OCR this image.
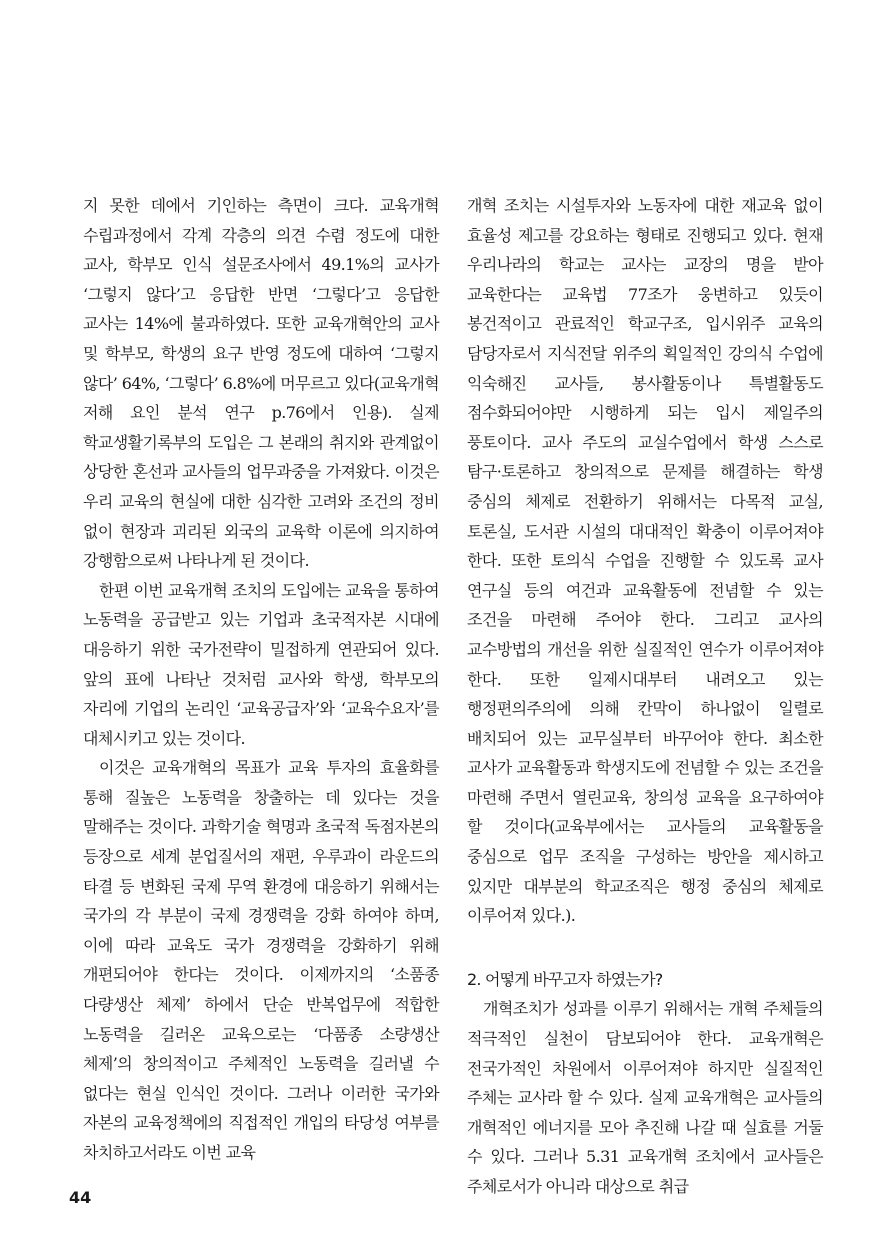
지 못한 데에서 기인하는 측면이 크다. 교육개혁 수립과정에서 각계 각층의 의견 수렴 정도에 대한 교사, 학부모 인식 설문조사에서 49.1%의 교사가 ‘그렇지 않다’고 응답한 반면 ‘그렇다’고 응답한 교사는 14%에 불과하였다. 또한 교육개혁안의 교사 및 학부모, 학생의 요구 반영 정도에 대하여 ‘그렇지 않다’ 64%, ‘그렇다’ 6.8%에 머무르고 있다(교육개혁 저해 요인 분석 연구 p.76에서 인용). 실제 학교생활기록부의 도입은 그 본래의 취지와 관계없이 상당한 혼선과 교사들의 업무과중을 가져왔다. 이것은 우리 교육의 현실에 대한 심각한 고려와 조건의 정비 없이 현장과 괴리된 외국의 교육학 이론에 의지하여 강행함으로써 나타나게 된 것이다.

한편 이번 교육개혁 조치의 도입에는 교육을 통하여 노동력을 공급받고 있는 기업과 초국적자본 시대에 대응하기 위한 국가전략이 밀접하게 연관되어 있다. 앞의 표에 나타난 것처럼 교사와 학생, 학부모의 자리에 기업의 논리인 ‘교육공급자’와 ‘교육수요자’를 대체시키고 있는 것이다.

이것은 교육개혁의 목표가 교육 투자의 효율화를 통해 질높은 노동력을 창출하는 데 있다는 것을 말해주는 것이다. 과학기술 혁명과 초국적 독점자본의 등장으로 세계 분업질서의 재편, 우루과이 라운드의 타결 등 변화된 국제 무역 환경에 대응하기 위해서는 국가의 각 부분이 국제 경쟁력을 강화 하여야 하며, 이에 따라 교육도 국가 경쟁력을 강화하기 위해 개편되어야 한다는 것이다. 이제까지의 ‘소품종 다량생산 체제’ 하에서 단순 반복업무에 적합한 노동력을 길러온 교육으로는 ‘다품종 소량생산 체제’의 창의적이고 주체적인 노동력을 길러낼 수 없다는 현실 인식인 것이다. 그러나 이러한 국가와 자본의 교육정책에의 직접적인 개입의 타당성 여부를 차치하고서라도 이번 교육

개혁 조치는 시설투자와 노동자에 대한 재교육 없이 효율성 제고를 강요하는 형태로 진행되고 있다. 현재 우리나라의 학교는 교사는 교장의 명을 받아 교육한다는 교육법 77조가 웅변하고 있듯이 봉건적이고 관료적인 학교구조, 입시위주 교육의 담당자로서 지식전달 위주의 획일적인 강의식 수업에 익숙해진 교사들, 봉사활동이나 특별활동도 점수화되어야만 시행하게 되는 입시 제일주의 풍토이다. 교사 주도의 교실수업에서 학생 스스로 탐구·토론하고 창의적으로 문제를 해결하는 학생 중심의 체제로 전환하기 위해서는 다목적 교실, 토론실, 도서관 시설의 대대적인 확충이 이루어져야 한다. 또한 토의식 수업을 진행할 수 있도록 교사 연구실 등의 여건과 교육활동에 전념할 수 있는 조건을 마련해 주어야 한다. 그리고 교사의 교수방법의 개선을 위한 실질적인 연수가 이루어져야 한다. 또한 일제시대부터 내려오고 있는 행정편의주의에 의해 칸막이 하나없이 일렬로 배치되어 있는 교무실부터 바꾸어야 한다. 최소한 교사가 교육활동과 학생지도에 전념할 수 있는 조건을 마련해 주면서 열린교육, 창의성 교육을 요구하여야 할 것이다(교육부에서는 교사들의 교육활동을 중심으로 업무 조직을 구성하는 방안을 제시하고 있지만 대부분의 학교조직은 행정 중심의 체제로 이루어져 있다.).

2. 어떻게 바꾸고자 하였는가?

개혁조치가 성과를 이루기 위해서는 개혁 주체들의 적극적인 실천이 담보되어야 한다. 교육개혁은 전국가적인 차원에서 이루어져야 하지만 실질적인 주체는 교사라 할 수 있다. 실제 교육개혁은 교사들의 개혁적인 에너지를 모아 추진해 나갈 때 실효를 거둘 수 있다. 그러나 5.31 교육개혁 조치에서 교사들은 주체로서가 아니라 대상으로 취급

44
